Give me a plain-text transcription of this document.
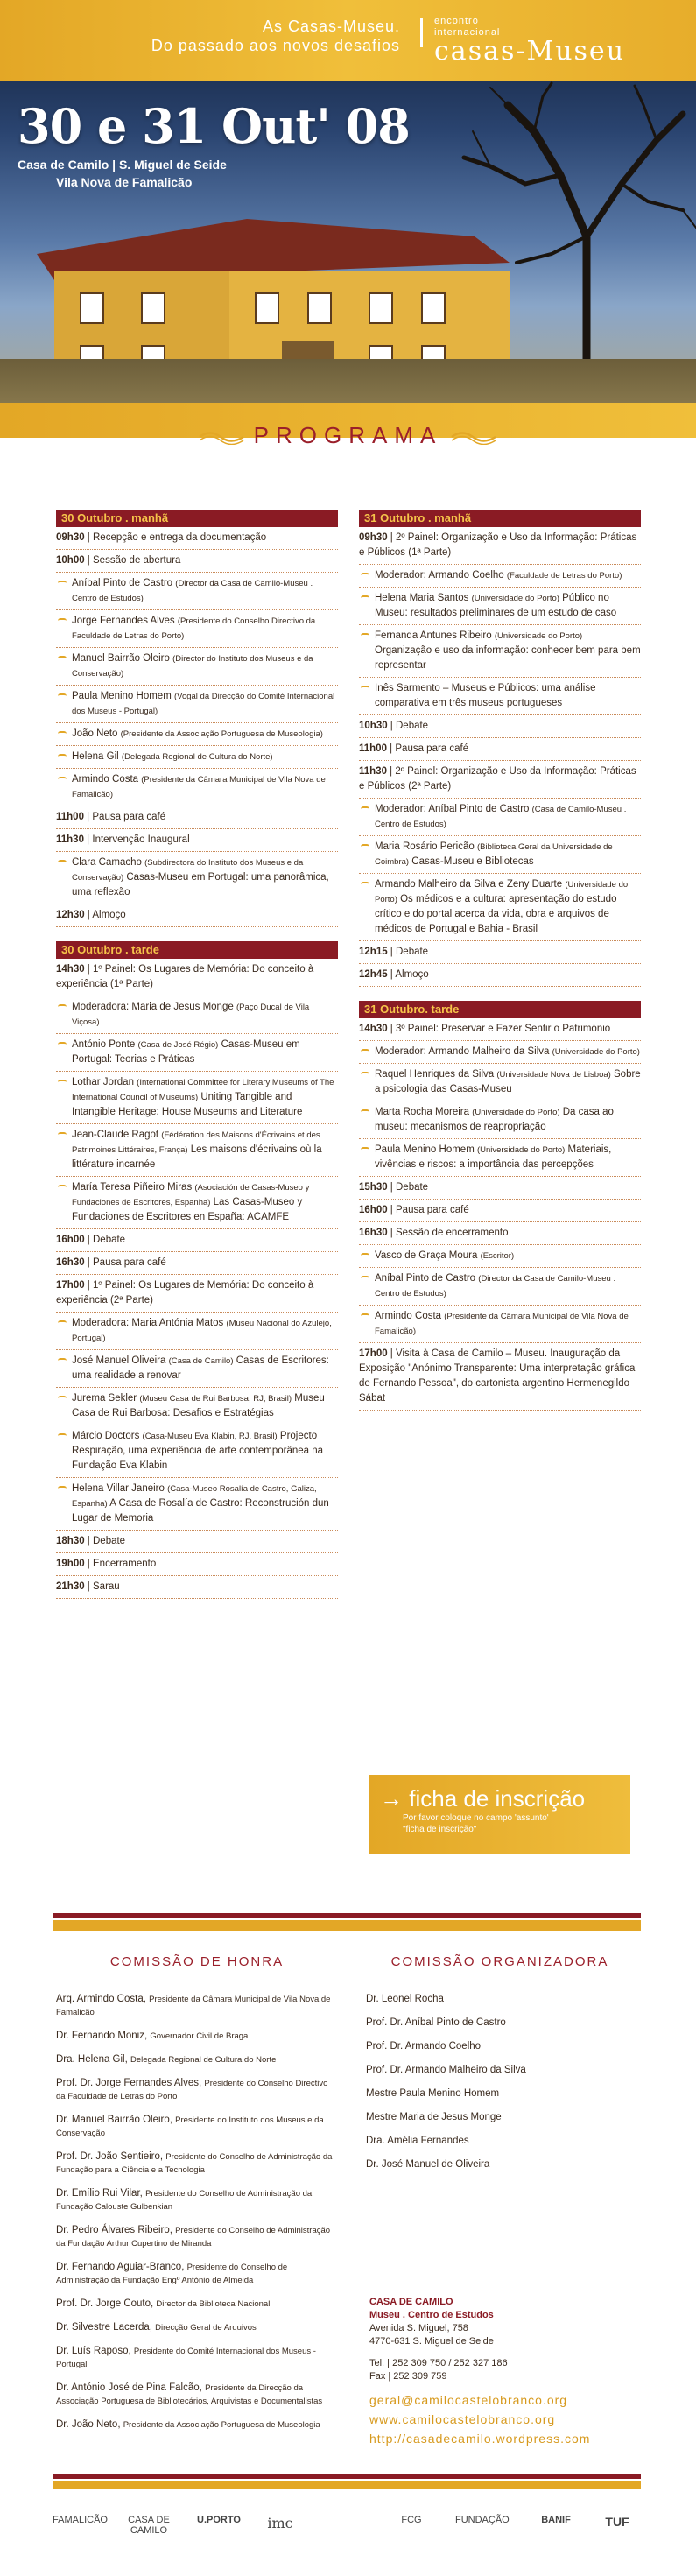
As Casas-Museu.
Do passado aos novos desafios
encontro
internacional
casas-Museu
30 e 31 Out' 08
Casa de Camilo | S. Miguel de Seide
Vila Nova de Famalicão
PROGRAMA
30 Outubro . manhã
09h30 | Recepção e entrega da documentação
10h00 | Sessão de abertura
Aníbal Pinto de Castro (Director da Casa de Camilo-Museu . Centro de Estudos)
Jorge Fernandes Alves (Presidente do Conselho Directivo da Faculdade de Letras do Porto)
Manuel Bairrão Oleiro (Director do Instituto dos Museus e da Conservação)
Paula Menino Homem (Vogal da Direcção do Comité Internacional dos Museus - Portugal)
João Neto (Presidente da Associação Portuguesa de Museologia)
Helena Gil (Delegada Regional de Cultura do Norte)
Armindo Costa (Presidente da Câmara Municipal de Vila Nova de Famalicão)
11h00 | Pausa para café
11h30 | Intervenção Inaugural
Clara Camacho (Subdirectora do Instituto dos Museus e da Conservação) Casas-Museu em Portugal: uma panorâmica, uma reflexão
12h30 | Almoço
30 Outubro . tarde
14h30 | 1º Painel: Os Lugares de Memória: Do conceito à experiência (1ª Parte)
Moderadora: Maria de Jesus Monge (Paço Ducal de Vila Viçosa)
António Ponte (Casa de José Régio) Casas-Museu em Portugal: Teorias e Práticas
Lothar Jordan (International Committee for Literary Museums of The International Council of Museums) Uniting Tangible and Intangible Heritage: House Museums and Literature
Jean-Claude Ragot (Fédération des Maisons d'Écrivains et des Patrimoines Littéraires, França) Les maisons d'écrivains où la littérature incarnée
María Teresa Piñeiro Miras (Asociación de Casas-Museo y Fundaciones de Escritores, Espanha) Las Casas-Museo y Fundaciones de Escritores en España: ACAMFE
16h00 | Debate
16h30 | Pausa para café
17h00 | 1º Painel: Os Lugares de Memória: Do conceito à experiência (2ª Parte)
Moderadora: Maria Antónia Matos (Museu Nacional do Azulejo, Portugal)
José Manuel Oliveira (Casa de Camilo) Casas de Escritores: uma realidade a renovar
Jurema Sekler (Museu Casa de Rui Barbosa, RJ, Brasil) Museu Casa de Rui Barbosa: Desafios e Estratégias
Márcio Doctors (Casa-Museu Eva Klabin, RJ, Brasil) Projecto Respiração, uma experiência de arte contemporânea na Fundação Eva Klabin
Helena Villar Janeiro (Casa-Museo Rosalía de Castro, Galiza, Espanha) A Casa de Rosalía de Castro: Reconstrución dun Lugar de Memoria
18h30 | Debate
19h00 | Encerramento
21h30 | Sarau
31 Outubro . manhã
09h30 | 2º Painel: Organização e Uso da Informação: Práticas e Públicos (1ª Parte)
Moderador: Armando Coelho (Faculdade de Letras do Porto)
Helena Maria Santos (Universidade do Porto) Público no Museu: resultados preliminares de um estudo de caso
Fernanda Antunes Ribeiro (Universidade do Porto) Organização e uso da informação: conhecer bem para bem representar
Inês Sarmento – Museus e Públicos: uma análise comparativa em três museus portugueses
10h30 | Debate
11h00 | Pausa para café
11h30 | 2º Painel: Organização e Uso da Informação: Práticas e Públicos (2ª Parte)
Moderador: Aníbal Pinto de Castro (Casa de Camilo-Museu . Centro de Estudos)
Maria Rosário Pericão (Biblioteca Geral da Universidade de Coimbra) Casas-Museu e Bibliotecas
Armando Malheiro da Silva e Zeny Duarte (Universidade do Porto) Os médicos e a cultura: apresentação do estudo crítico e do portal acerca da vida, obra e arquivos de médicos de Portugal e Bahia - Brasil
12h15 | Debate
12h45 | Almoço
31 Outubro. tarde
14h30 | 3º Painel: Preservar e Fazer Sentir o Património
Moderador: Armando Malheiro da Silva (Universidade do Porto)
Raquel Henriques da Silva (Universidade Nova de Lisboa) Sobre a psicologia das Casas-Museu
Marta Rocha Moreira (Universidade do Porto) Da casa ao museu: mecanismos de reapropriação
Paula Menino Homem (Universidade do Porto) Materiais, vivências e riscos: a importância das percepções
15h30 | Debate
16h00 | Pausa para café
16h30 | Sessão de encerramento
Vasco de Graça Moura (Escritor)
Aníbal Pinto de Castro (Director da Casa de Camilo-Museu . Centro de Estudos)
Armindo Costa (Presidente da Câmara Municipal de Vila Nova de Famalicão)
17h00 | Visita à Casa de Camilo – Museu. Inauguração da Exposição "Anónimo Transparente: Uma interpretação gráfica de Fernando Pessoa", do cartonista argentino Hermenegildo Sábat
→ ficha de inscrição
Por favor coloque no campo 'assunto'
"ficha de inscrição"
COMISSÃO DE HONRA	COMISSÃO ORGANIZADORA
Arq. Armindo Costa, Presidente da Câmara Municipal de Vila Nova de Famalicão
Dr. Fernando Moniz, Governador Civil de Braga
Dra. Helena Gil, Delegada Regional de Cultura do Norte
Prof. Dr. Jorge Fernandes Alves, Presidente do Conselho Directivo da Faculdade de Letras do Porto
Dr. Manuel Bairrão Oleiro, Presidente do Instituto dos Museus e da Conservação
Prof. Dr. João Sentieiro, Presidente do Conselho de Administração da Fundação para a Ciência e a Tecnologia
Dr. Emílio Rui Vilar, Presidente do Conselho de Administração da Fundação Calouste Gulbenkian
Dr. Pedro Álvares Ribeiro, Presidente do Conselho de Administração da Fundação Arthur Cupertino de Miranda
Dr. Fernando Aguiar-Branco, Presidente do Conselho de Administração da Fundação Engº António de Almeida
Prof. Dr. Jorge Couto, Director da Biblioteca Nacional
Dr. Silvestre Lacerda, Direcção Geral de Arquivos
Dr. Luís Raposo, Presidente do Comité Internacional dos Museus - Portugal
Dr. António José de Pina Falcão, Presidente da Direcção da Associação Portuguesa de Bibliotecários, Arquivistas e Documentalistas
Dr. João Neto, Presidente da Associação Portuguesa de Museologia
Dr. Leonel Rocha
Prof. Dr. Aníbal Pinto de Castro
Prof. Dr. Armando Coelho
Prof. Dr. Armando Malheiro da Silva
Mestre Paula Menino Homem
Mestre Maria de Jesus Monge
Dra. Amélia Fernandes
Dr. José Manuel de Oliveira
CASA DE CAMILO
Museu . Centro de Estudos
Avenida S. Miguel, 758
4770-631 S. Miguel de Seide
Tel. | 252 309 750 / 252 327 186
Fax | 252 309 759
geral@camilocastelobranco.org
www.camilocastelobranco.org
http://casadecamilo.wordpress.com
FAMALICÃO	CASA DE CAMILO
U.PORTO	imc	FCG	FUNDAÇÃO	BANIF	TUF
